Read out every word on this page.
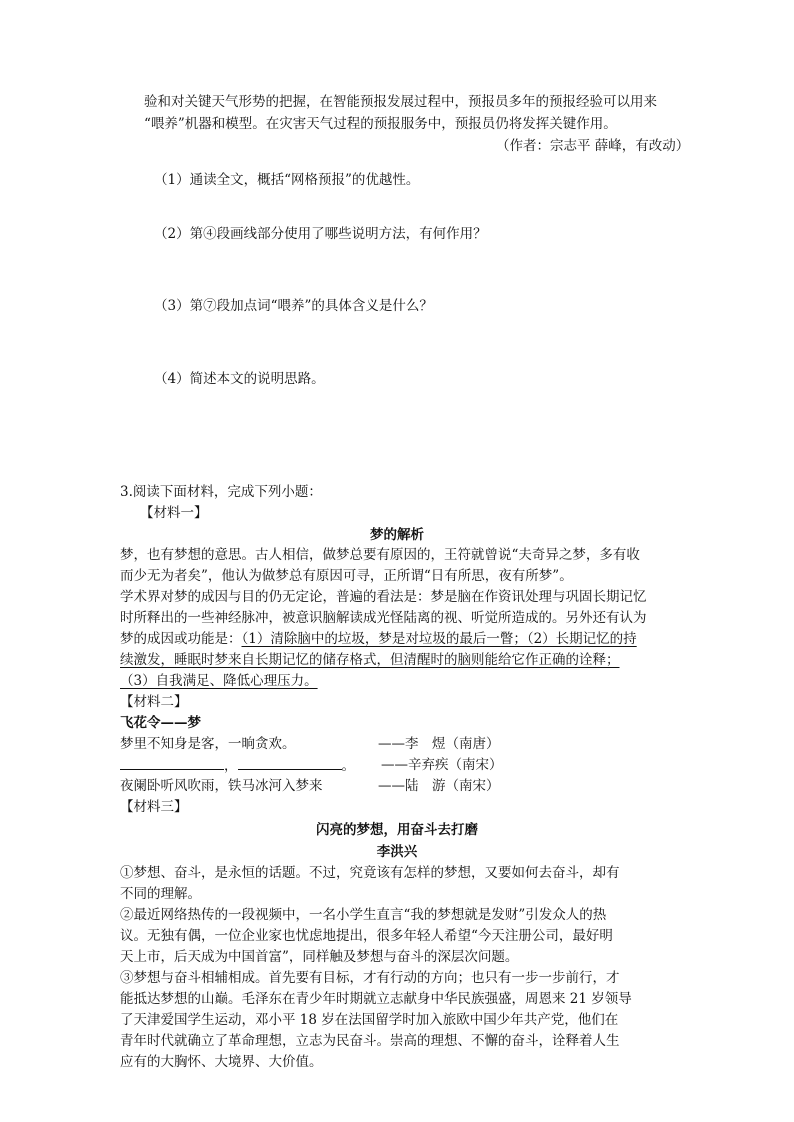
验和对关键天气形势的把握，在智能预报发展过程中，预报员多年的预报经验可以用来
“喂养”机器和模型。在灾害天气过程的预报服务中，预报员仍将发挥关键作用。
（作者：宗志平 薛峰，有改动）
（1）通读全文，概括“网格预报”的优越性。
（2）第④段画线部分使用了哪些说明方法，有何作用？
（3）第⑦段加点词“喂养”的具体含义是什么？
（4）简述本文的说明思路。
3.阅读下面材料，完成下列小题：
【材料一】
梦的解析
梦，也有梦想的意思。古人相信，做梦总要有原因的，王符就曾说“夫奇异之梦，多有收
而少无为者矣”，他认为做梦总有原因可寻，正所谓“日有所思，夜有所梦”。
学术界对梦的成因与目的仍无定论，普遍的看法是：梦是脑在作资讯处理与巩固长期记忆
时所释出的一些神经脉冲，被意识脑解读成光怪陆离的视、听觉所造成的。另外还有认为
梦的成因或功能是：（1）清除脑中的垃圾，梦是对垃圾的最后一瞥；（2）长期记忆的持
续激发，睡眠时梦来自长期记忆的储存格式，但清醒时的脑则能给它作正确的诠释；
（3）自我满足、降低心理压力。
【材料二】
飞花令——梦
梦里不知身是客，一晌贪欢。	——李　煜（南唐）
，	。 ——辛弃疾（南宋）
夜阑卧听风吹雨，铁马冰河入梦来	——陆　游（南宋）
【材料三】
闪亮的梦想，用奋斗去打磨
李洪兴
①梦想、奋斗，是永恒的话题。不过，究竟该有怎样的梦想，又要如何去奋斗，却有
不同的理解。
②最近网络热传的一段视频中，一名小学生直言“我的梦想就是发财”引发众人的热
议。无独有偶，一位企业家也忧虑地提出，很多年轻人希望“今天注册公司，最好明
天上市，后天成为中国首富”，同样触及梦想与奋斗的深层次问题。
③梦想与奋斗相辅相成。首先要有目标，才有行动的方向；也只有一步一步前行，才
能抵达梦想的山巅。毛泽东在青少年时期就立志献身中华民族强盛，周恩来 21 岁领导
了天津爱国学生运动，邓小平 18 岁在法国留学时加入旅欧中国少年共产党，他们在
青年时代就确立了革命理想，立志为民奋斗。崇高的理想、不懈的奋斗，诠释着人生
应有的大胸怀、大境界、大价值。
